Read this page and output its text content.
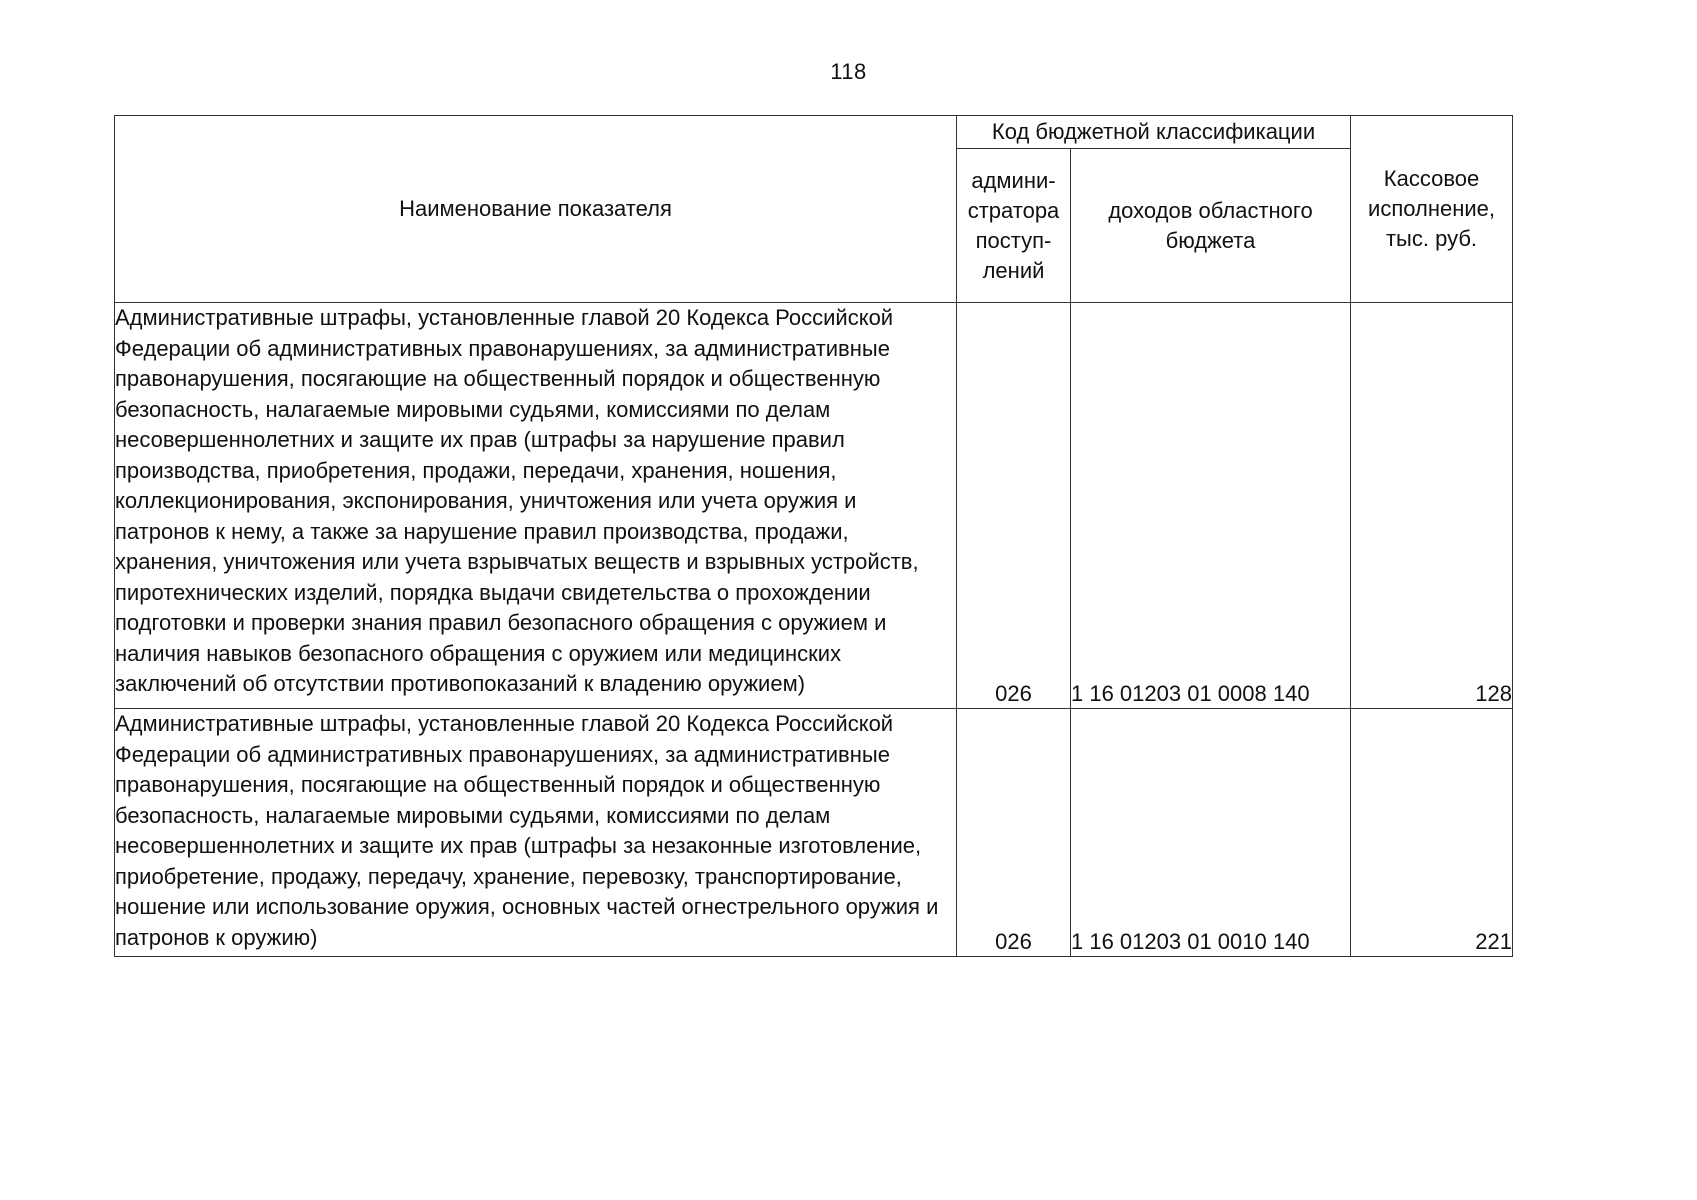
118
Наименование показателя	Код бюджетной классификации		Кассовое исполнение, тыс. руб.
	админи-стратора поступ-лений	доходов областного бюджета	

Административные штрафы, установленные главой 20 Кодекса Российской Федерации об административных правонарушениях, за административные правонарушения, посягающие на общественный порядок и общественную безопасность, налагаемые мировыми судьями, комиссиями по делам несовершеннолетних и защите их прав (штрафы за нарушение правил производства, приобретения, продажи, передачи, хранения, ношения, коллекционирования, экспонирования, уничтожения или учета оружия и патронов к нему, а также за нарушение правил производства, продажи, хранения, уничтожения или учета взрывчатых веществ и взрывных устройств, пиротехнических изделий, порядка выдачи свидетельства о прохождении подготовки и проверки знания правил безопасного обращения с оружием и наличия навыков безопасного обращения с оружием или медицинских заключений об отсутствии противопоказаний к владению оружием)	026	1 16 01203 01 0008 140	128

Административные штрафы, установленные главой 20 Кодекса Российской Федерации об административных правонарушениях, за административные правонарушения, посягающие на общественный порядок и общественную безопасность, налагаемые мировыми судьями, комиссиями по делам несовершеннолетних и защите их прав (штрафы за незаконные изготовление, приобретение, продажу, передачу, хранение, перевозку, транспортирование, ношение или использование оружия, основных частей огнестрельного оружия и патронов к оружию)	026	1 16 01203 01 0010 140	221
